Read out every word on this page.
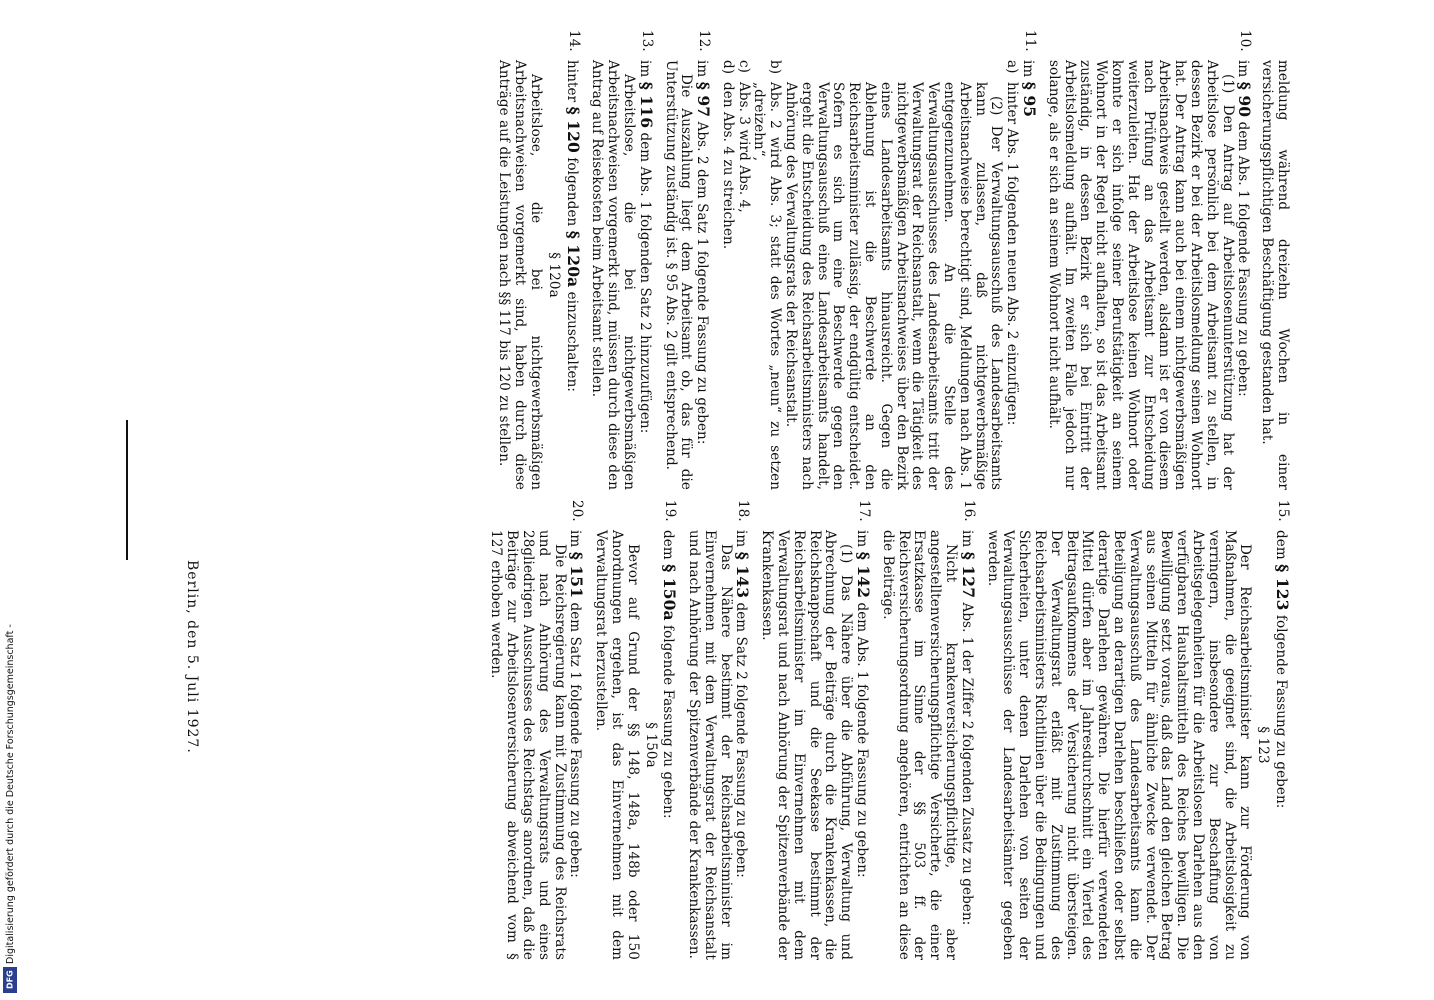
meldung während dreizehn Wochen in einer versicherungspflichtigen Beschäftigung gestanden hat.

10.
im § 90 dem Abs. 1 folgende Fassung zu geben:

(1) Den Antrag auf Arbeitslosenunterstützung hat der Arbeitslose persönlich bei dem Arbeitsamt zu stellen, in dessen Bezirk er bei der Arbeitslosmeldung seinen Wohnort hat. Der Antrag kann auch bei einem nichtgewerbsmäßigen Arbeitsnachweis gestellt werden, alsdann ist er von diesem nach Prüfung an das Arbeitsamt zur Entscheidung weiterzuleiten. Hat der Arbeitslose keinen Wohnort oder konnte er sich infolge seiner Berufstätigkeit an seinem Wohnort in der Regel nicht aufhalten, so ist das Arbeitsamt zuständig, in dessen Bezirk er sich bei Eintritt der Arbeitslosmeldung aufhält. Im zweiten Falle jedoch nur solange, als er sich an seinem Wohnort nicht aufhält.

11.
im § 95
a)
hinter Abs. 1 folgenden neuen Abs. 2 einzufügen:

(2) Der Verwaltungsausschuß des Landesarbeitsamts kann zulassen, daß nichtgewerbsmäßige Arbeitsnachweise berechtigt sind, Meldungen nach Abs. 1 entgegenzunehmen. An die Stelle des Verwaltungsausschusses des Landesarbeitsamts tritt der Verwaltungsrat der Reichsanstalt, wenn die Tätigkeit des nichtgewerbsmäßigen Arbeitsnachweises über den Bezirk eines Landesarbeitsamts hinausreicht. Gegen die Ablehnung ist die Beschwerde an den Reichsarbeitsminister zulässig, der endgültig entscheidet. Sofern es sich um eine Beschwerde gegen den Verwaltungsausschuß eines Landesarbeitsamts handelt, ergeht die Entscheidung des Reichsarbeitsministers nach Anhörung des Verwaltungsrats der Reichsanstalt.

b)
Abs. 2 wird Abs. 3; statt des Wortes „neun“ zu setzen „dreizehn“,
c)
Abs. 3 wird Abs. 4,
d)
den Abs. 4 zu streichen.
12.
im § 97 Abs. 2 dem Satz 1 folgende Fassung zu geben:

Die Auszahlung liegt dem Arbeitsamt ob, das für die Unterstützung zuständig ist. § 95 Abs. 2 gilt entsprechend.

13.
im § 116 dem Abs. 1 folgenden Satz 2 hinzuzufügen:

Arbeitslose, die bei nichtgewerbsmäßigen Arbeitsnachweisen vorgemerkt sind, müssen durch diese den Antrag auf Reisekosten beim Arbeitsamt stellen.

14.
hinter § 120 folgenden § 120a einzuschalten:

§ 120a

Arbeitslose, die bei nichtgewerbsmäßigen Arbeitsnachweisen vorgemerkt sind, haben durch diese Anträge auf die Leistungen nach §§ 117 bis 120 zu stellen.

15.
dem § 123 folgende Fassung zu geben:

§ 123

Der Reichsarbeitsminister kann zur Förderung von Maßnahmen, die geeignet sind, die Arbeitslosigkeit zu verringern, insbesondere zur Beschaffung von Arbeitsgelegenheiten für die Arbeitslosen Darlehen aus den verfügbaren Haushaltsmitteln des Reiches bewilligen. Die Bewilligung setzt voraus, daß das Land den gleichen Betrag aus seinen Mitteln für ähnliche Zwecke verwendet. Der Verwaltungsausschuß des Landesarbeitsamts kann die Beteiligung an derartigen Darlehen beschließen oder selbst derartige Darlehen gewähren. Die hierfür verwendeten Mittel dürfen aber im Jahresdurchschnitt ein Viertel des Beitragsaufkommens der Versicherung nicht übersteigen. Der Verwaltungsrat erläßt mit Zustimmung des Reichsarbeitsministers Richtlinien über die Bedingungen und Sicherheiten, unter denen Darlehen von seiten der Verwaltungsausschüsse der Landesarbeitsämter gegeben werden.

16.
im § 127 Abs. 1 der Ziffer 2 folgenden Zusatz zu geben:

Nicht krankenversicherungspflichtige, aber angestelltenversicherungspflichtige Versicherte, die einer Ersatzkasse im Sinne der §§ 503 ff. der Reichsversicherungsordnung angehören, entrichten an diese die Beiträge.

17.
im § 142 dem Abs. 1 folgende Fassung zu geben:

(1) Das Nähere über die Abführung, Verwaltung und Abrechnung der Beiträge durch die Krankenkassen, die Reichsknappschaft und die Seekasse bestimmt der Reichsarbeitsminister im Einvernehmen mit dem Verwaltungsrat und nach Anhörung der Spitzenverbände der Krankenkassen.

18.
im § 143 dem Satz 2 folgende Fassung zu geben:

Das Nähere bestimmt der Reichsarbeitsminister im Einvernehmen mit dem Verwaltungsrat der Reichsanstalt und nach Anhörung der Spitzenverbände der Krankenkassen.

19.
dem § 150a folgende Fassung zu geben:

§ 150a

Bevor auf Grund der §§ 148, 148a, 148b oder 150 Anordnungen ergehen, ist das Einvernehmen mit dem Verwaltungsrat herzustellen.

20.
im § 151 dem Satz 1 folgende Fassung zu geben:

Die Reichsregierung kann mit Zustimmung des Reichsrats und nach Anhörung des Verwaltungsrats und eines 28gliedrigen Ausschusses des Reichstags anordnen, daß die Beiträge zur Arbeitslosenversicherung abweichend vom § 127 erhoben werden.

Berlin, den 5. Juli 1927.
Digitalisierung gefördert durch die Deutsche Forschungsgemeinschaft -
DFG
